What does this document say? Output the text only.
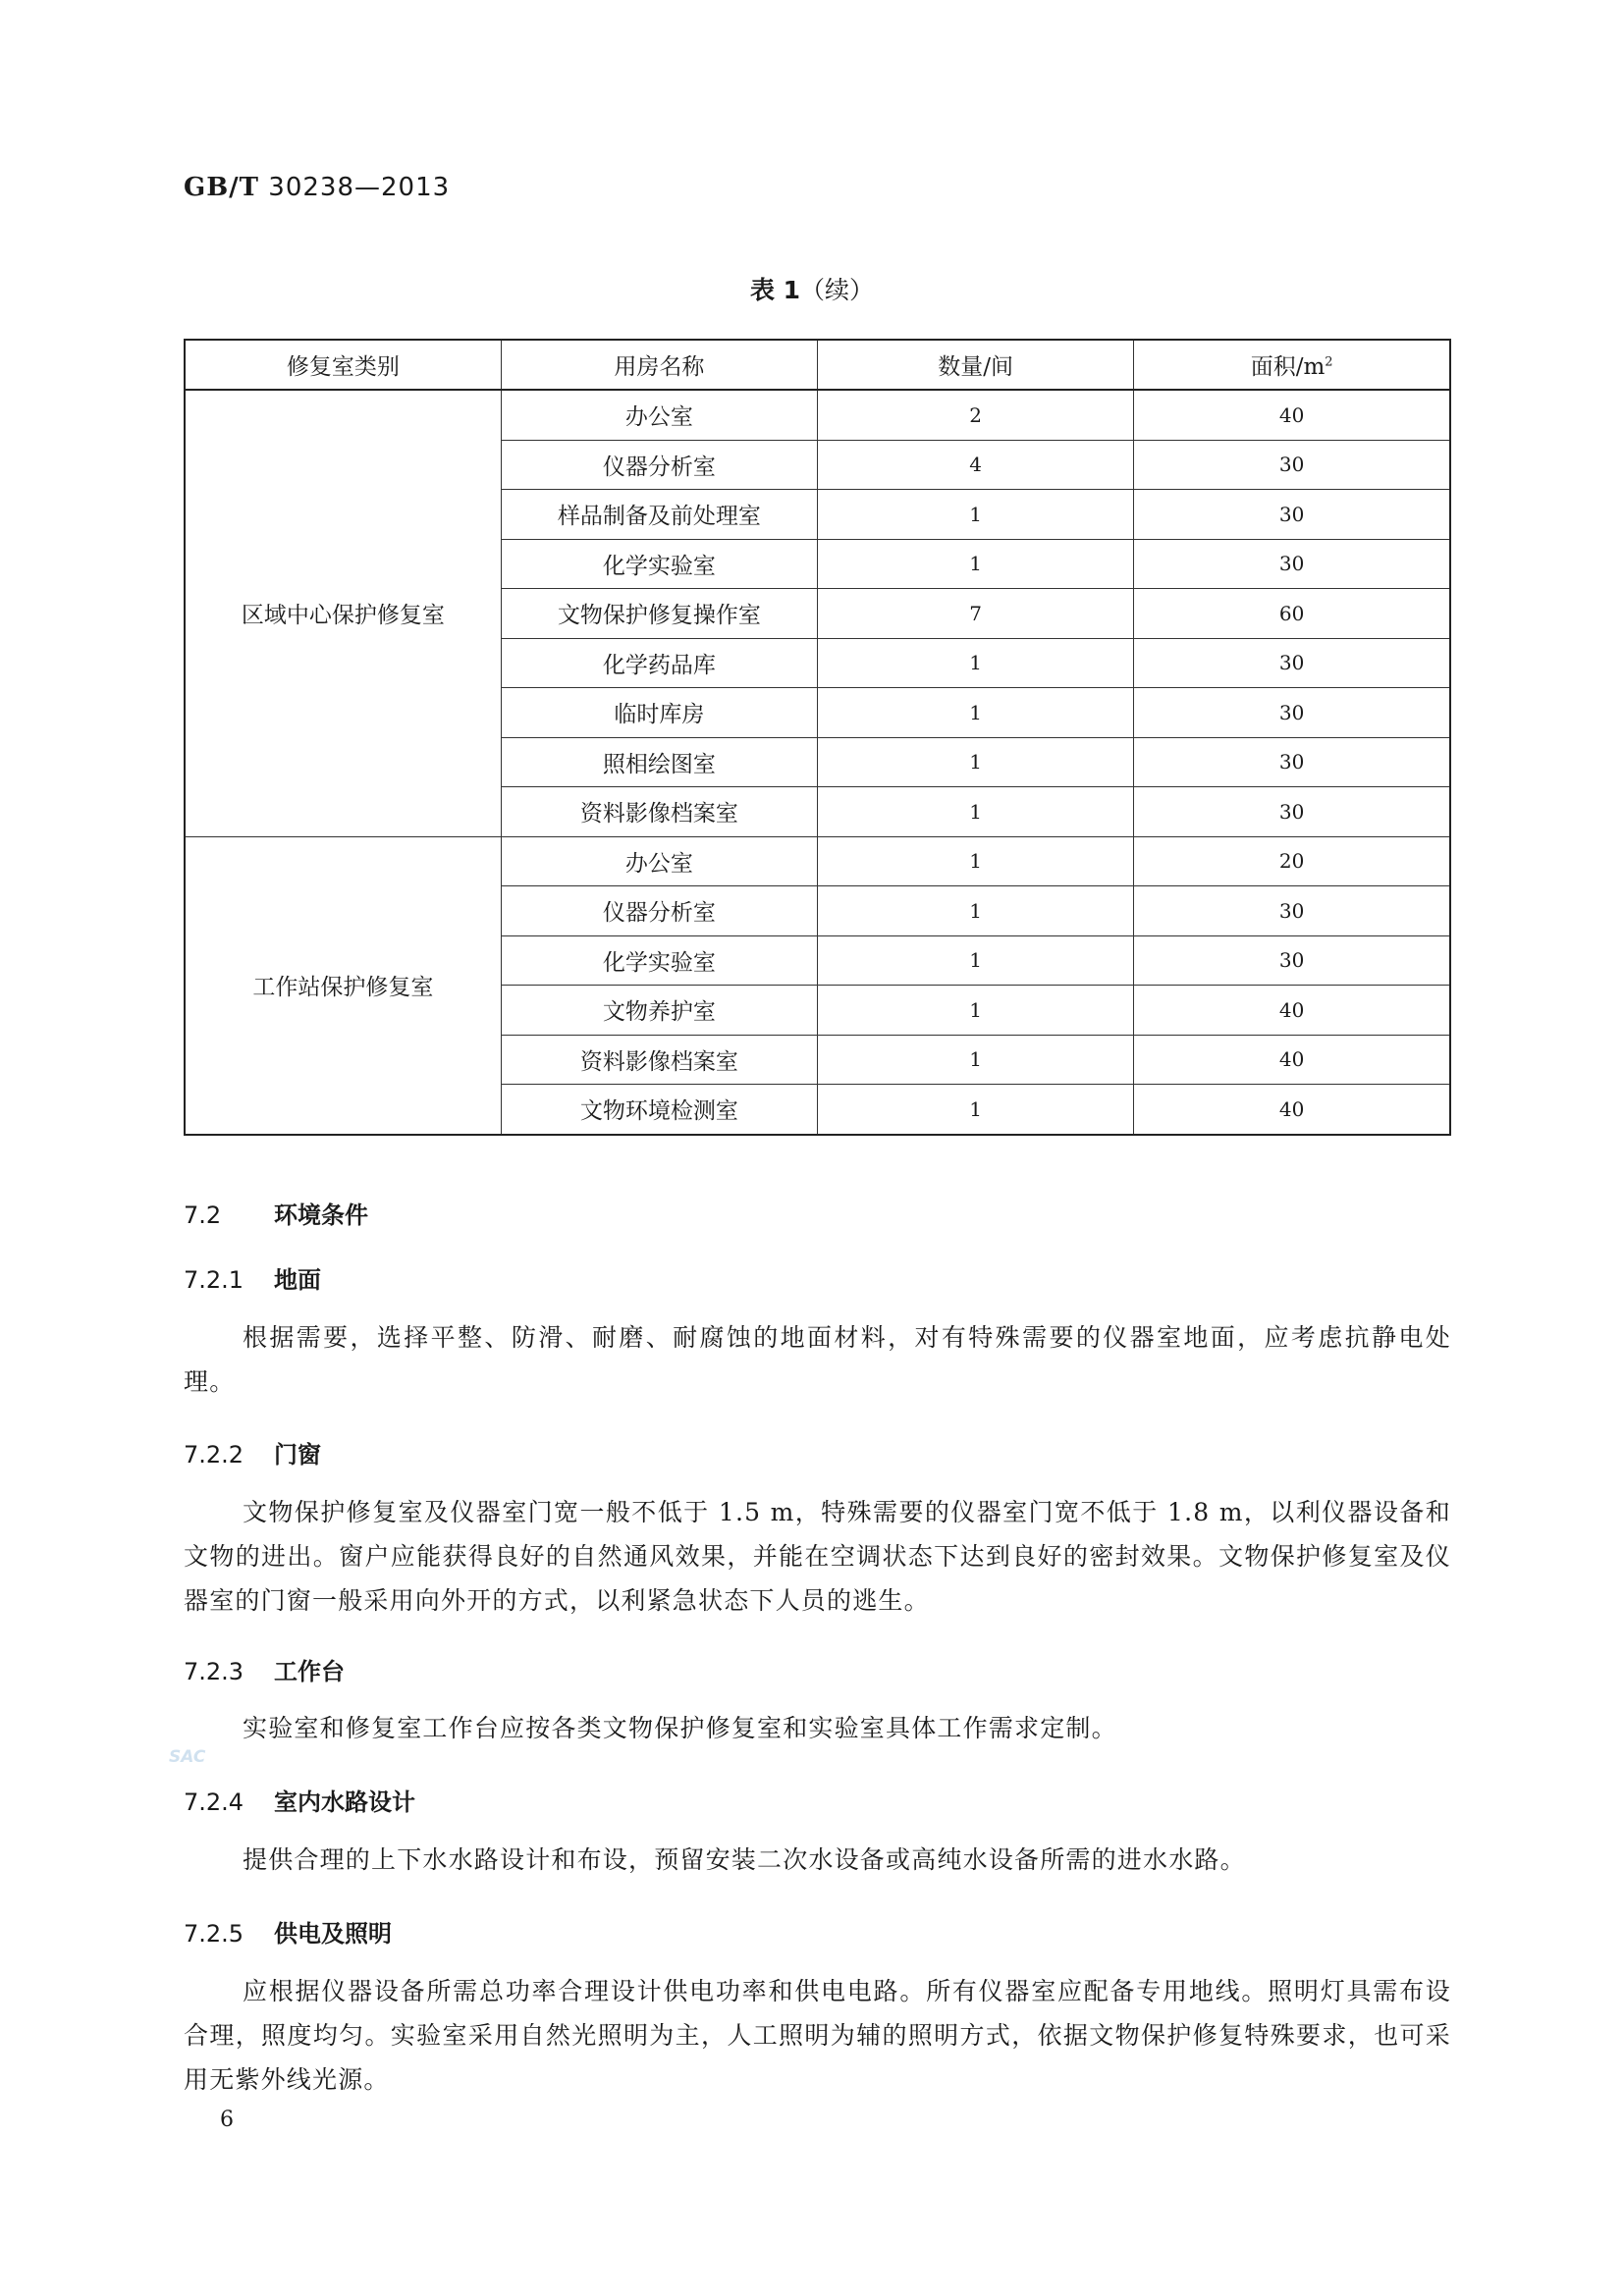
GB/T 30238—2013
表 1（续）
修复室类别	用房名称	数量/间	面积$/m^2$
区域中心保护修复室	办公室	2	40
	仪器分析室	4	30
	样品制备及前处理室	1	30
	化学实验室	1	30
	文物保护修复操作室	7	60
	化学药品库	1	30
	临时库房	1	30
	照相绘图室	1	30
	资料影像档案室	1	30
工作站保护修复室	办公室	1	20
	仪器分析室	1	30
	化学实验室	1	30
	文物养护室	1	40
	资料影像档案室	1	40
	文物环境检测室	1	40
7.2 环境条件
7.2.1 地面
根据需要，选择平整、防滑、耐磨、耐腐蚀的地面材料，对有特殊需要的仪器室地面，应考虑抗静电处理。
7.2.2 门窗
文物保护修复室及仪器室门宽一般不低于 1.5 m，特殊需要的仪器室门宽不低于 1.8 m，以利仪器设备和文物的进出。窗户应能获得良好的自然通风效果，并能在空调状态下达到良好的密封效果。文物保护修复室及仪器室的门窗一般采用向外开的方式，以利紧急状态下人员的逃生。
7.2.3 工作台
实验室和修复室工作台应按各类文物保护修复室和实验室具体工作需求定制。
SAC
7.2.4 室内水路设计
提供合理的上下水水路设计和布设，预留安装二次水设备或高纯水设备所需的进水水路。
7.2.5 供电及照明
应根据仪器设备所需总功率合理设计供电功率和供电电路。所有仪器室应配备专用地线。照明灯具需布设合理，照度均匀。实验室采用自然光照明为主，人工照明为辅的照明方式，依据文物保护修复特殊要求，也可采用无紫外线光源。
6
